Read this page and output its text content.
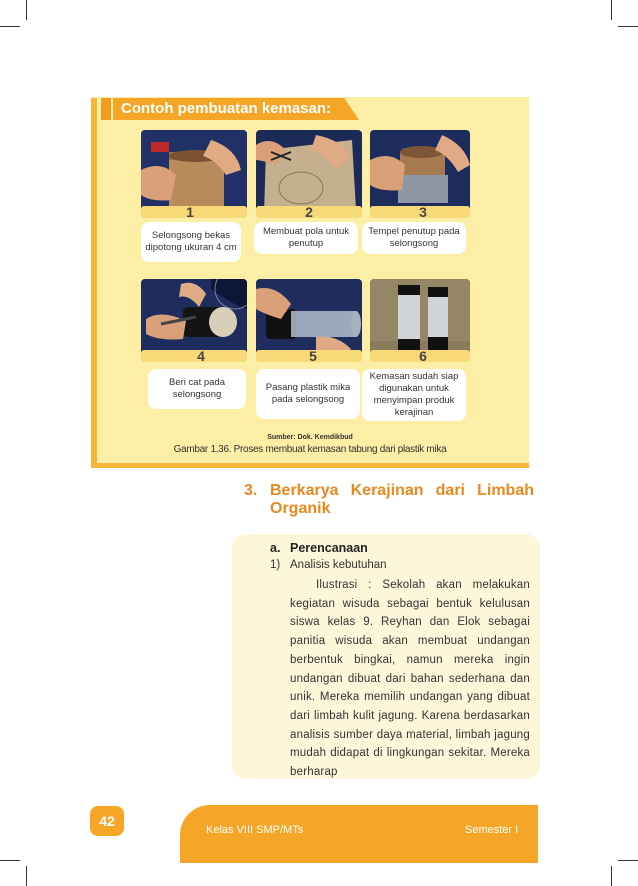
Contoh pembuatan kemasan:
1	2	3
Selongsong bekas dipotong ukuran 4 cm
Membuat pola untuk penutup
Tempel penutup pada selongsong
4	5	6
Beri cat pada selongsong
Pasang plastik mika pada selongsong
Kemasan sudah siap digunakan untuk menyimpan produk kerajinan
Sumber: Dok. Kemdikbud
Gambar 1.36. Proses membuat kemasan tabung dari plastik mika
3. Berkarya Kerajinan dari Limbah Organik
a. Perencanaan
1) Analisis kebutuhan
Ilustrasi : Sekolah akan melakukan kegiatan wisuda sebagai bentuk kelulusan siswa kelas 9. Reyhan dan Elok sebagai panitia wisuda akan membuat undangan berbentuk bingkai, namun mereka ingin undangan dibuat dari bahan sederhana dan unik. Mereka memilih undangan yang dibuat dari limbah kulit jagung. Karena berdasarkan analisis sumber daya material, limbah jagung mudah didapat di lingkungan sekitar. Mereka berharap
42
Kelas VIII SMP/MTs	Semester I
